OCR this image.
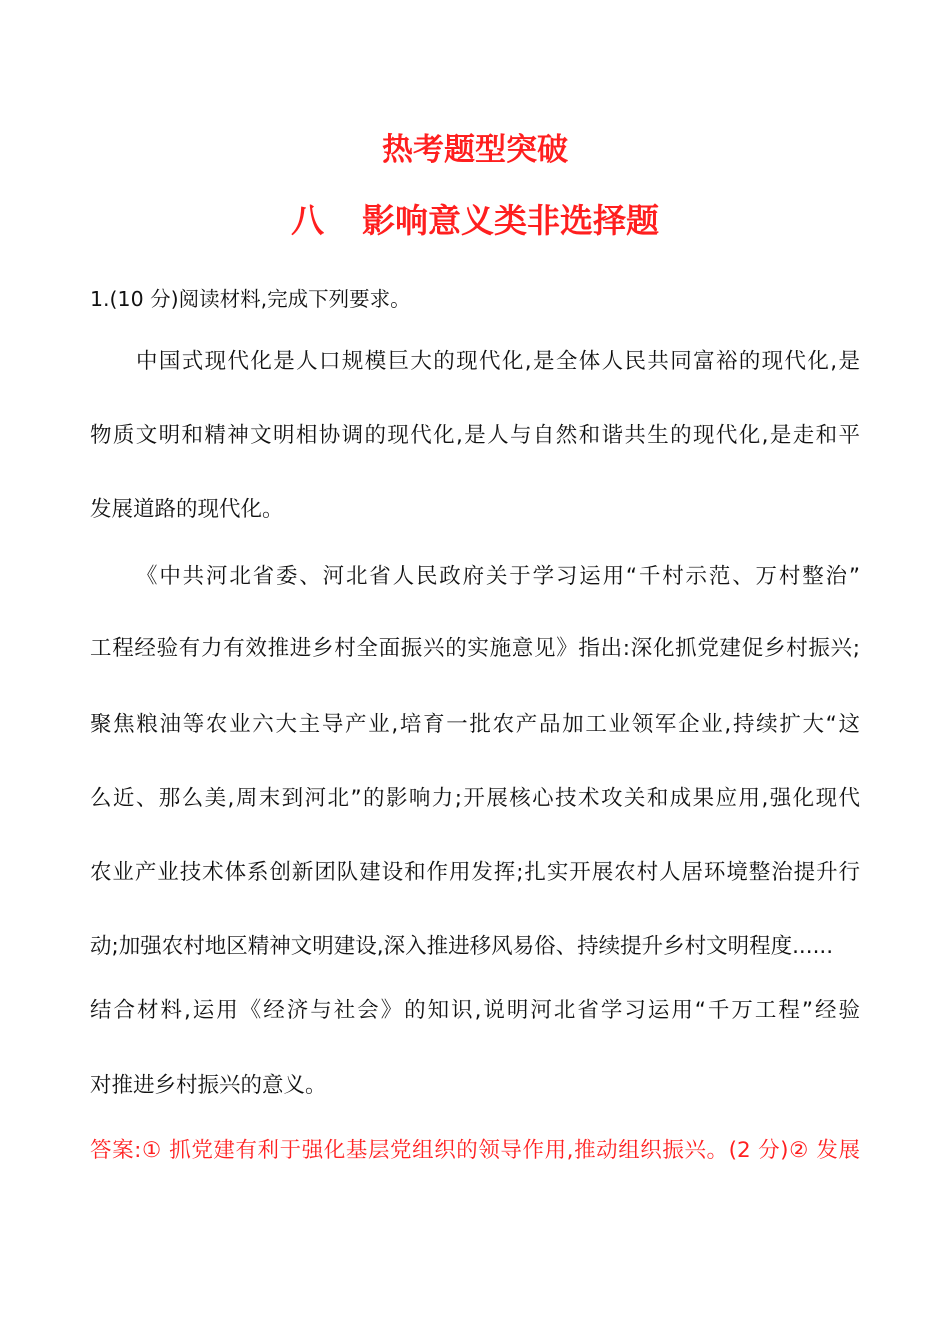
热考题型突破
八 影响意义类非选择题
1.(10 分)阅读材料,完成下列要求。
中国式现代化是人口规模巨大的现代化,是全体人民共同富裕的现代化,是
物质文明和精神文明相协调的现代化,是人与自然和谐共生的现代化,是走和平
发展道路的现代化。
《中共河北省委、河北省人民政府关于学习运用“千村示范、万村整治”
工程经验有力有效推进乡村全面振兴的实施意见》指出:深化抓党建促乡村振兴;
聚焦粮油等农业六大主导产业,培育一批农产品加工业领军企业,持续扩大“这
么近、那么美,周末到河北”的影响力;开展核心技术攻关和成果应用,强化现代
农业产业技术体系创新团队建设和作用发挥;扎实开展农村人居环境整治提升行
动;加强农村地区精神文明建设,深入推进移风易俗、持续提升乡村文明程度......
结合材料,运用《经济与社会》的知识,说明河北省学习运用“千万工程”经验
对推进乡村振兴的意义。
答案:① 抓党建有利于强化基层党组织的领导作用,推动组织振兴。(2 分)② 发展
